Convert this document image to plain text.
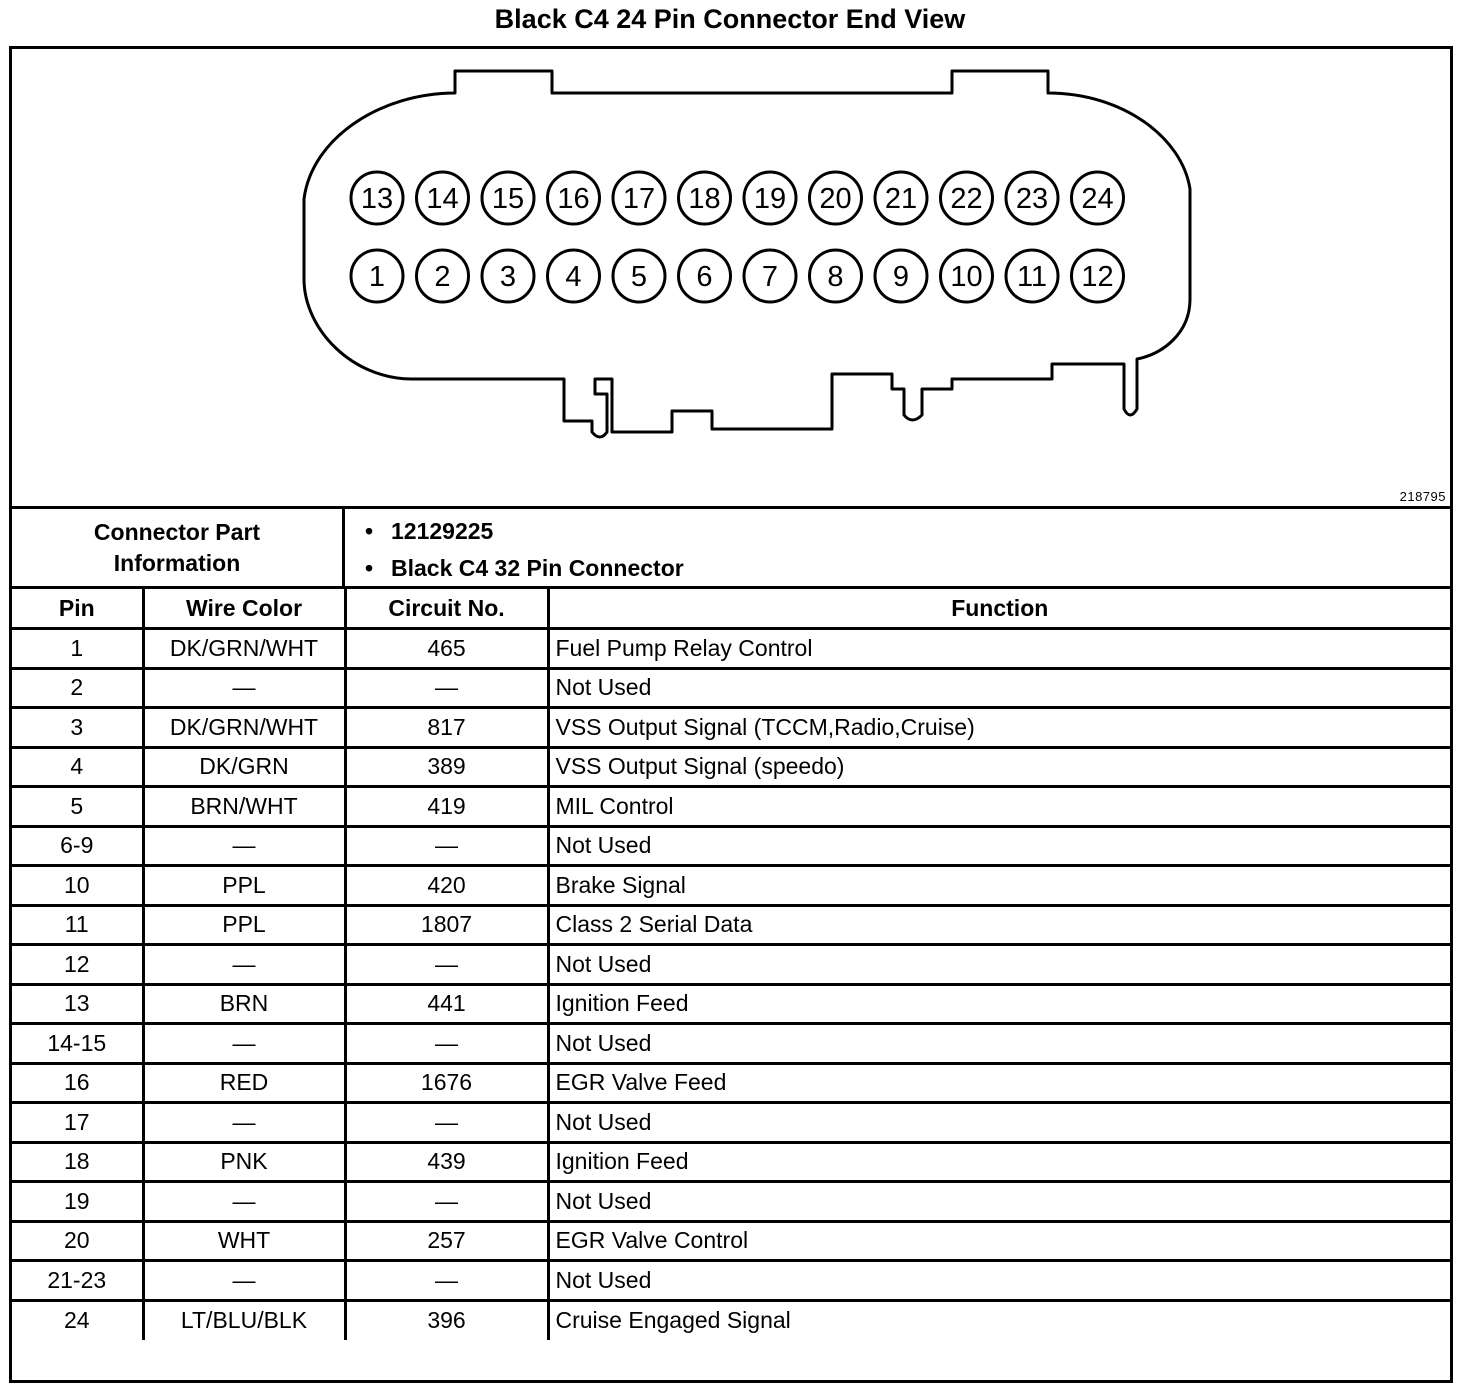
Black C4 24 Pin Connector End View
13 14 15 16 17 18 19 20 21 22 23 24
1 2 3 4 5 6 7 8 9 10 11 12
218795
Connector Part
Information
• 12129225
• Black C4 32 Pin Connector
Pin	Wire Color	Circuit No.	Function
1	DK/GRN/WHT	465	Fuel Pump Relay Control
2	—	—	Not Used
3	DK/GRN/WHT	817	VSS Output Signal (TCCM,Radio,Cruise)
4	DK/GRN	389	VSS Output Signal (speedo)
5	BRN/WHT	419	MIL Control
6-9	—	—	Not Used
10	PPL	420	Brake Signal
11	PPL	1807	Class 2 Serial Data
12	—	—	Not Used
13	BRN	441	Ignition Feed
14-15	—	—	Not Used
16	RED	1676	EGR Valve Feed
17	—	—	Not Used
18	PNK	439	Ignition Feed
19	—	—	Not Used
20	WHT	257	EGR Valve Control
21-23	—	—	Not Used
24	LT/BLU/BLK	396	Cruise Engaged Signal
